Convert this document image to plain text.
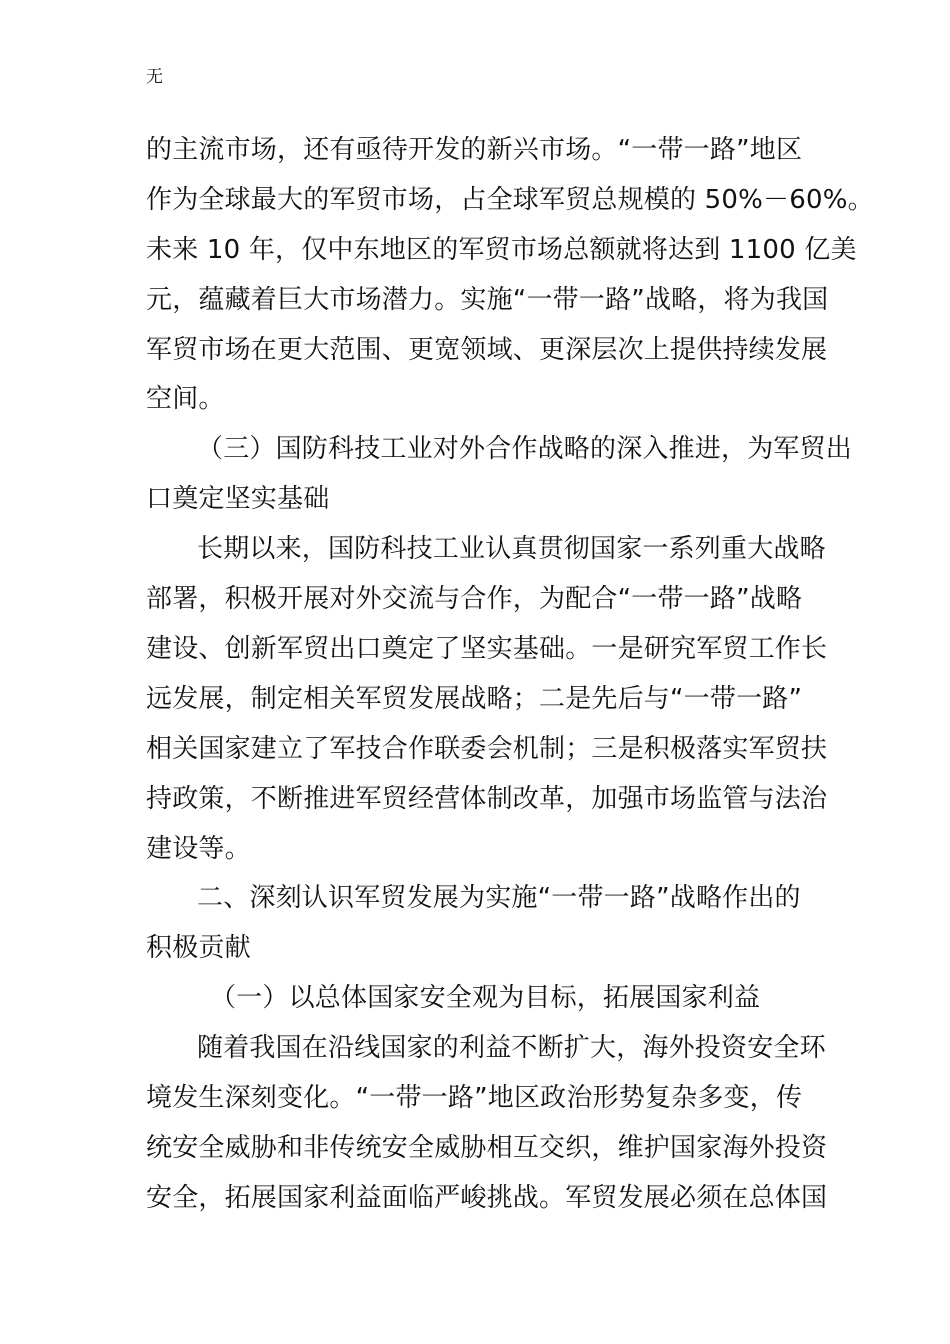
无
的主流市场，还有亟待开发的新兴市场。“一带一路”地区
作为全球最大的军贸市场，占全球军贸总规模的 50%－60%。
未来 10 年，仅中东地区的军贸市场总额就将达到 1100 亿美
元，蕴藏着巨大市场潜力。实施“一带一路”战略，将为我国
军贸市场在更大范围、更宽领域、更深层次上提供持续发展
空间。
（三）国防科技工业对外合作战略的深入推进，为军贸出
口奠定坚实基础
长期以来，国防科技工业认真贯彻国家一系列重大战略
部署，积极开展对外交流与合作，为配合“一带一路”战略
建设、创新军贸出口奠定了坚实基础。一是研究军贸工作长
远发展，制定相关军贸发展战略；二是先后与“一带一路”
相关国家建立了军技合作联委会机制；三是积极落实军贸扶
持政策，不断推进军贸经营体制改革，加强市场监管与法治
建设等。
二、深刻认识军贸发展为实施“一带一路”战略作出的
积极贡献
（一）以总体国家安全观为目标，拓展国家利益
随着我国在沿线国家的利益不断扩大，海外投资安全环
境发生深刻变化。“一带一路”地区政治形势复杂多变，传
统安全威胁和非传统安全威胁相互交织，维护国家海外投资
安全，拓展国家利益面临严峻挑战。军贸发展必须在总体国
